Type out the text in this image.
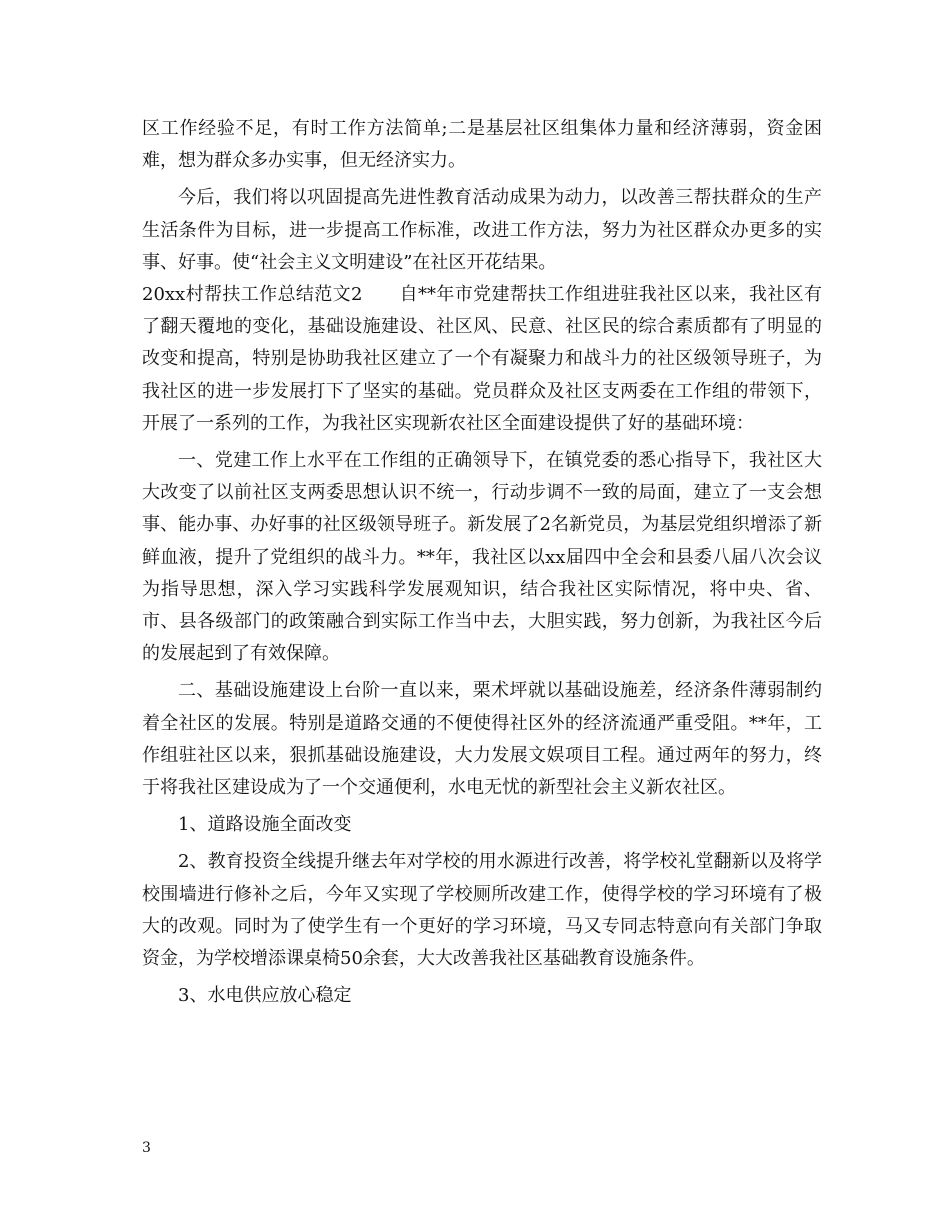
区工作经验不足，有时工作方法简单;二是基层社区组集体力量和经济薄弱，资金困难，想为群众多办实事，但无经济实力。

今后，我们将以巩固提高先进性教育活动成果为动力，以改善三帮扶群众的生产生活条件为目标，进一步提高工作标准，改进工作方法，努力为社区群众办更多的实事、好事。使“社会主义文明建设”在社区开花结果。

20xx村帮扶工作总结范文2　　自**年市党建帮扶工作组进驻我社区以来，我社区有了翻天覆地的变化，基础设施建设、社区风、民意、社区民的综合素质都有了明显的改变和提高，特别是协助我社区建立了一个有凝聚力和战斗力的社区级领导班子，为我社区的进一步发展打下了坚实的基础。党员群众及社区支两委在工作组的带领下，开展了一系列的工作，为我社区实现新农社区全面建设提供了好的基础环境：

一、党建工作上水平在工作组的正确领导下，在镇党委的悉心指导下，我社区大大改变了以前社区支两委思想认识不统一，行动步调不一致的局面，建立了一支会想事、能办事、办好事的社区级领导班子。新发展了2名新党员，为基层党组织增添了新鲜血液，提升了党组织的战斗力。**年，我社区以xx届四中全会和县委八届八次会议为指导思想，深入学习实践科学发展观知识，结合我社区实际情况，将中央、省、市、县各级部门的政策融合到实际工作当中去，大胆实践，努力创新，为我社区今后的发展起到了有效保障。

二、基础设施建设上台阶一直以来，栗术坪就以基础设施差，经济条件薄弱制约着全社区的发展。特别是道路交通的不便使得社区外的经济流通严重受阻。**年，工作组驻社区以来，狠抓基础设施建设，大力发展文娱项目工程。通过两年的努力，终于将我社区建设成为了一个交通便利，水电无忧的新型社会主义新农社区。

1、道路设施全面改变

2、教育投资全线提升继去年对学校的用水源进行改善，将学校礼堂翻新以及将学校围墙进行修补之后，今年又实现了学校厕所改建工作，使得学校的学习环境有了极大的改观。同时为了使学生有一个更好的学习环境，马又专同志特意向有关部门争取资金，为学校增添课桌椅50余套，大大改善我社区基础教育设施条件。

3、水电供应放心稳定

3
